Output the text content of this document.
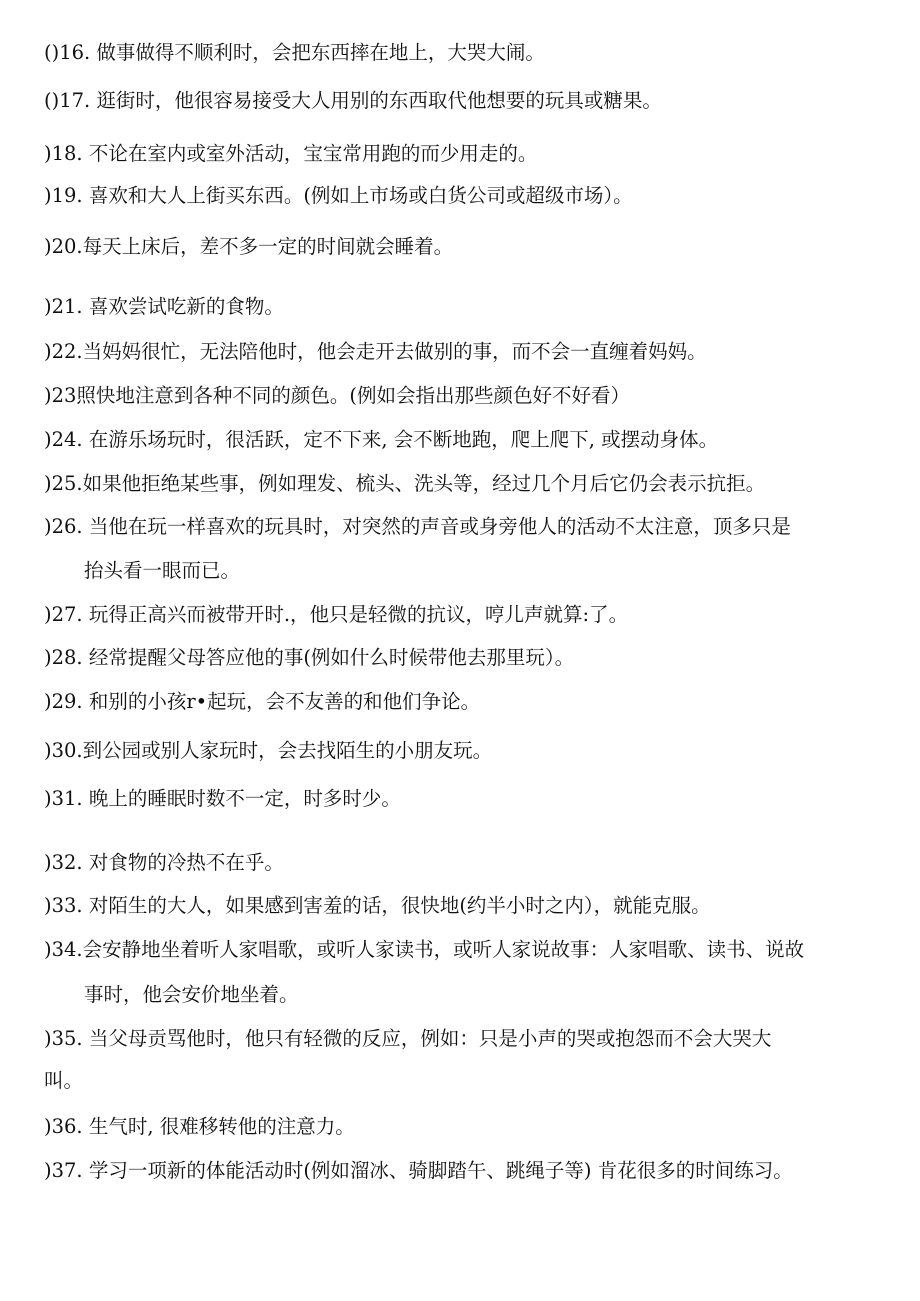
()16. 做事做得不顺利时，会把东西摔在地上，大哭大闹。
()17. 逛街时，他很容易接受大人用别的东西取代他想要的玩具或糖果。
)18. 不论在室内或室外活动，宝宝常用跑的而少用走的。
)19. 喜欢和大人上街买东西。(例如上市场或白货公司或超级市场）。
)20.每天上床后，差不多一定的时间就会睡着。
)21. 喜欢尝试吃新的食物。
)22.当妈妈很忙，无法陪他时，他会走开去做别的事，而不会一直缠着妈妈。
)23照快地注意到各种不同的颜色。(例如会指出那些颜色好不好看）
)24. 在游乐场玩时，很活跃，定不下来, 会不断地跑，爬上爬下, 或摆动身体。
)25.如果他拒绝某些事，例如理发、梳头、洗头等，经过几个月后它仍会表示抗拒。
)26. 当他在玩一样喜欢的玩具时，对突然的声音或身旁他人的活动不太注意，顶多只是
抬头看一眼而已。
)27. 玩得正高兴而被带开时.，他只是轻微的抗议，哼儿声就算:了。
)28. 经常提醒父母答应他的事(例如什么时候带他去那里玩）。
)29. 和别的小孩r•起玩，会不友善的和他们争论。
)30.到公园或别人家玩时，会去找陌生的小朋友玩。
)31. 晚上的睡眠时数不一定，时多时少。
)32. 对食物的冷热不在乎。
)33. 对陌生的大人，如果感到害羞的话，很快地(约半小时之内），就能克服。
)34.会安静地坐着听人家唱歌，或听人家读书，或听人家说故事：人家唱歌、读书、说故
事时，他会安价地坐着。
)35. 当父母贡骂他时，他只有轻微的反应，例如：只是小声的哭或抱怨而不会大哭大
叫。
)36. 生气时, 很难移转他的注意力。
)37. 学习一项新的体能活动时(例如溜冰、骑脚踏午、跳绳子等) 肯花很多的时间练习。
